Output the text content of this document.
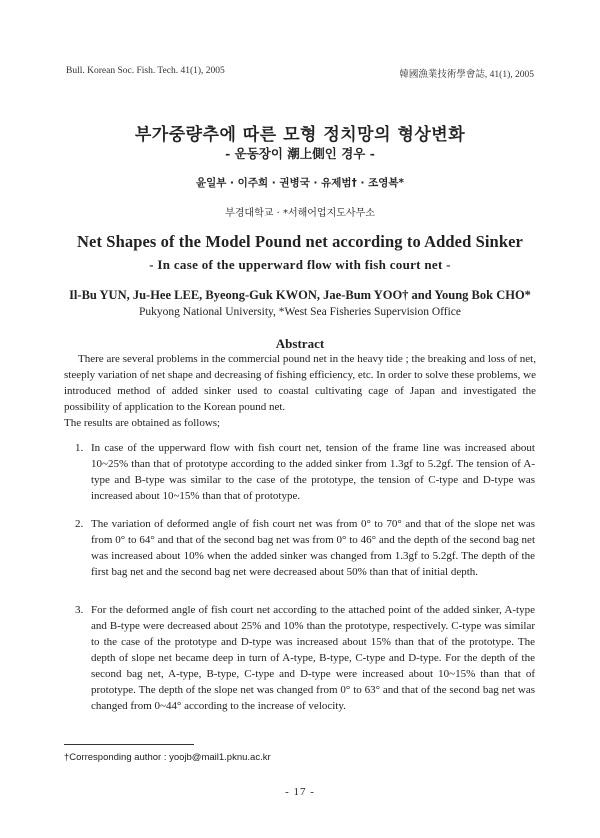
Bull. Korean Soc. Fish. Tech. 41(1), 2005	韓國漁業技術學會誌, 41(1), 2005
부가중량추에 따른 모형 정치망의 형상변화
- 운동장이 潮上側인 경우 -
윤일부 · 이주희 · 권병국 · 유제범† · 조영복*
부경대학교 · *서해어업지도사무소
Net Shapes of the Model Pound net according to Added Sinker
- In case of the upperward flow with fish court net -
Il-Bu YUN, Ju-Hee LEE, Byeong-Guk KWON, Jae-Bum YOO† and Young Bok CHO*
Pukyong National University, *West Sea Fisheries Supervision Office
Abstract

There are several problems in the commercial pound net in the heavy tide ; the breaking and loss of net, steeply variation of net shape and decreasing of fishing efficiency, etc. In order to solve these problems, we introduced method of added sinker used to coastal cultivating cage of Japan and investigated the possibility of application to the Korean pound net.

The results are obtained as follows;

1. In case of the upperward flow with fish court net, tension of the frame line was increased about 10~25% than that of prototype according to the added sinker from 1.3gf to 5.2gf. The tension of A-type and B-type was similar to the case of the prototype, the tension of C-type and D-type was increased about 10~15% than that of prototype.
2. The variation of deformed angle of fish court net was from 0° to 70° and that of the slope net was from 0° to 64° and that of the second bag net was from 0° to 46° and the depth of the second bag net was increased about 10% when the added sinker was changed from 1.3gf to 5.2gf. The depth of the first bag net and the second bag net were decreased about 50% than that of initial depth.
3. For the deformed angle of fish court net according to the attached point of the added sinker, A-type and B-type were decreased about 25% and 10% than the prototype, respectively. C-type was similar to the case of the prototype and D-type was increased about 15% than that of the prototype. The depth of slope net became deep in turn of A-type, B-type, C-type and D-type. For the depth of the second bag net, A-type, B-type, C-type and D-type were increased about 10~15% than that of prototype. The depth of the slope net was changed from 0° to 63° and that of the second bag net was changed from 0~44° according to the increase of velocity.
†Corresponding author : yoojb@mail1.pknu.ac.kr
- 17 -
